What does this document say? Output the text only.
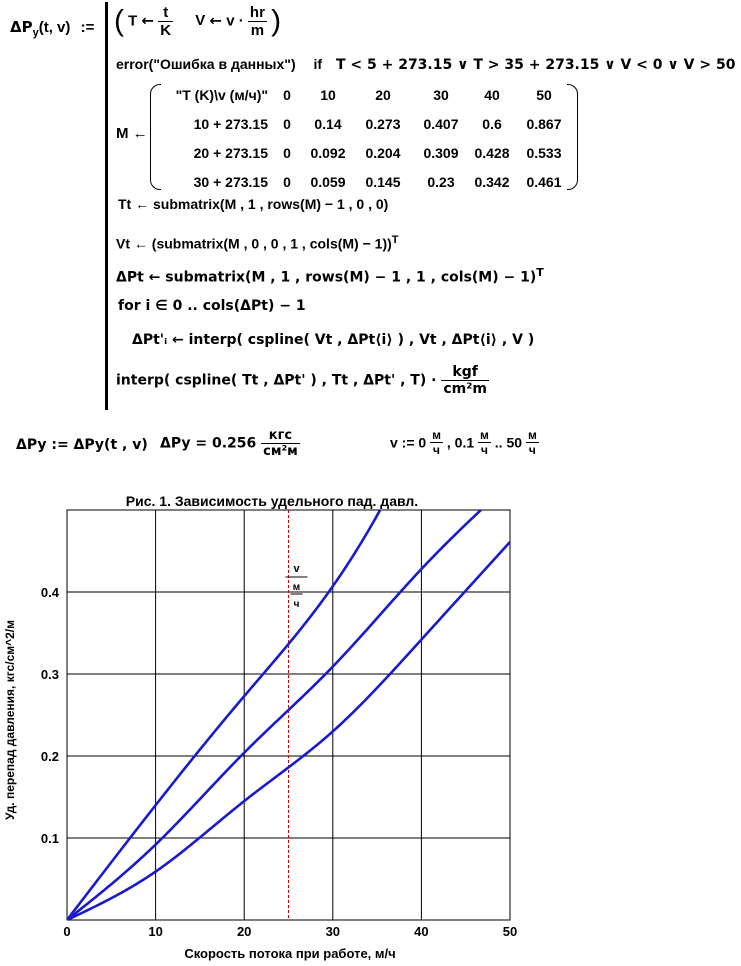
$\Delta P_y(t$, v) := ( T ← $\frac{t}{K}$ V ← $v \cdot \frac{hr}{m}$ )
error("Ошибка в данных") if T < 5 + 273.15 ∨ T > 35 + 273.15 ∨ V < 0 ∨ V > 50
M ←
"T (K)\v (м/ч)"	0	10	20	30	40	50
10 + 273.15	0	0.14	0.273	0.407	0.6	0.867
20 + 273.15	0	0.092	0.204	0.309	0.428	0.533
30 + 273.15	0	0.059	0.145	0.23	0.342	0.461
Tt ← submatrix(M , 1 , rows(M) − 1 , 0 , 0)
Vt ← (submatrix(M , 0 , 0 , 1 , cols(M) − 1))$^T$
ΔPt ← submatrix(M , 1 , rows(M) − 1 , 1 , cols(M) − 1)$^T$
for i ∈ 0 .. cols(ΔPt) − 1
ΔPt'ᵢ ← interp( cspline( Vt , ΔPt⟨i⟩ ) , Vt , ΔPt⟨i⟩ , V )
interp( cspline( Tt , ΔPt' ) , Tt , ΔPt' , $T) \cdot \frac{\text{kgf}}{\text{cm²m}}$
ΔPy := ΔPy(t , v) $\Delta Py = 0.256 \frac{\text{кгс}}{\text{см²м}}$	v := $0 \frac{м}{ч}$ , $0.1 \frac{м}{ч}$ .. $50 \frac{м}{ч}$
Рис. 1. Зависимость удельного пад. давл.
0	10	20	30	40	50
0.1
0.2
0.3
0.4
v
м
ч
Скорость потока при работе, м/ч
Уд. перепад давления, кгс/см^2/м
